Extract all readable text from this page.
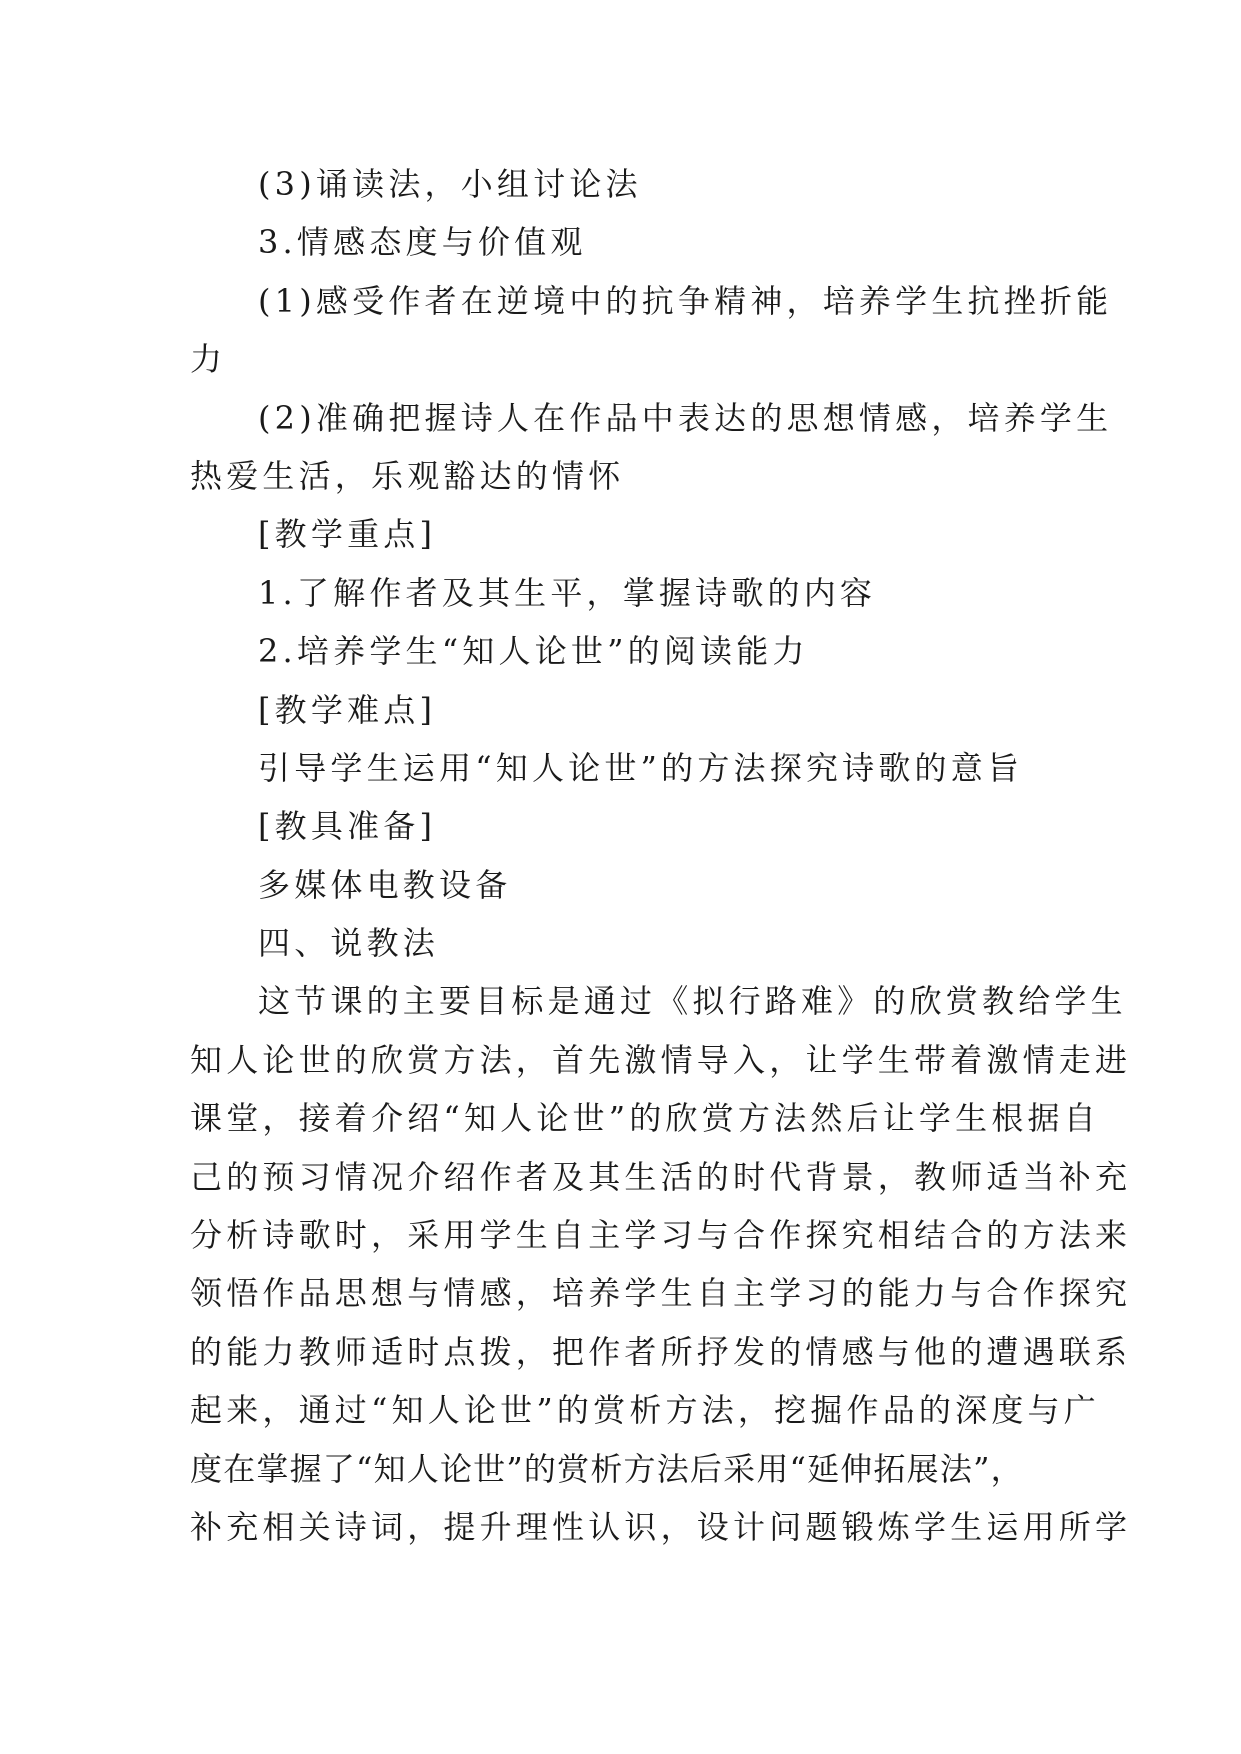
(3)诵读法，小组讨论法
3.情感态度与价值观
(1)感受作者在逆境中的抗争精神，培养学生抗挫折能
力
(2)准确把握诗人在作品中表达的思想情感，培养学生
热爱生活，乐观豁达的情怀
[教学重点]
1.了解作者及其生平，掌握诗歌的内容
2.培养学生“知人论世”的阅读能力
[教学难点]
引导学生运用“知人论世”的方法探究诗歌的意旨
[教具准备]
多媒体电教设备
四、说教法
这节课的主要目标是通过《拟行路难》的欣赏教给学生
知人论世的欣赏方法，首先激情导入，让学生带着激情走进
课堂，接着介绍“知人论世”的欣赏方法然后让学生根据自
己的预习情况介绍作者及其生活的时代背景，教师适当补充
分析诗歌时，采用学生自主学习与合作探究相结合的方法来
领悟作品思想与情感，培养学生自主学习的能力与合作探究
的能力教师适时点拨，把作者所抒发的情感与他的遭遇联系
起来，通过“知人论世”的赏析方法，挖掘作品的深度与广
度在掌握了“知人论世”的赏析方法后采用“延伸拓展法”，
补充相关诗词，提升理性认识，设计问题锻炼学生运用所学
